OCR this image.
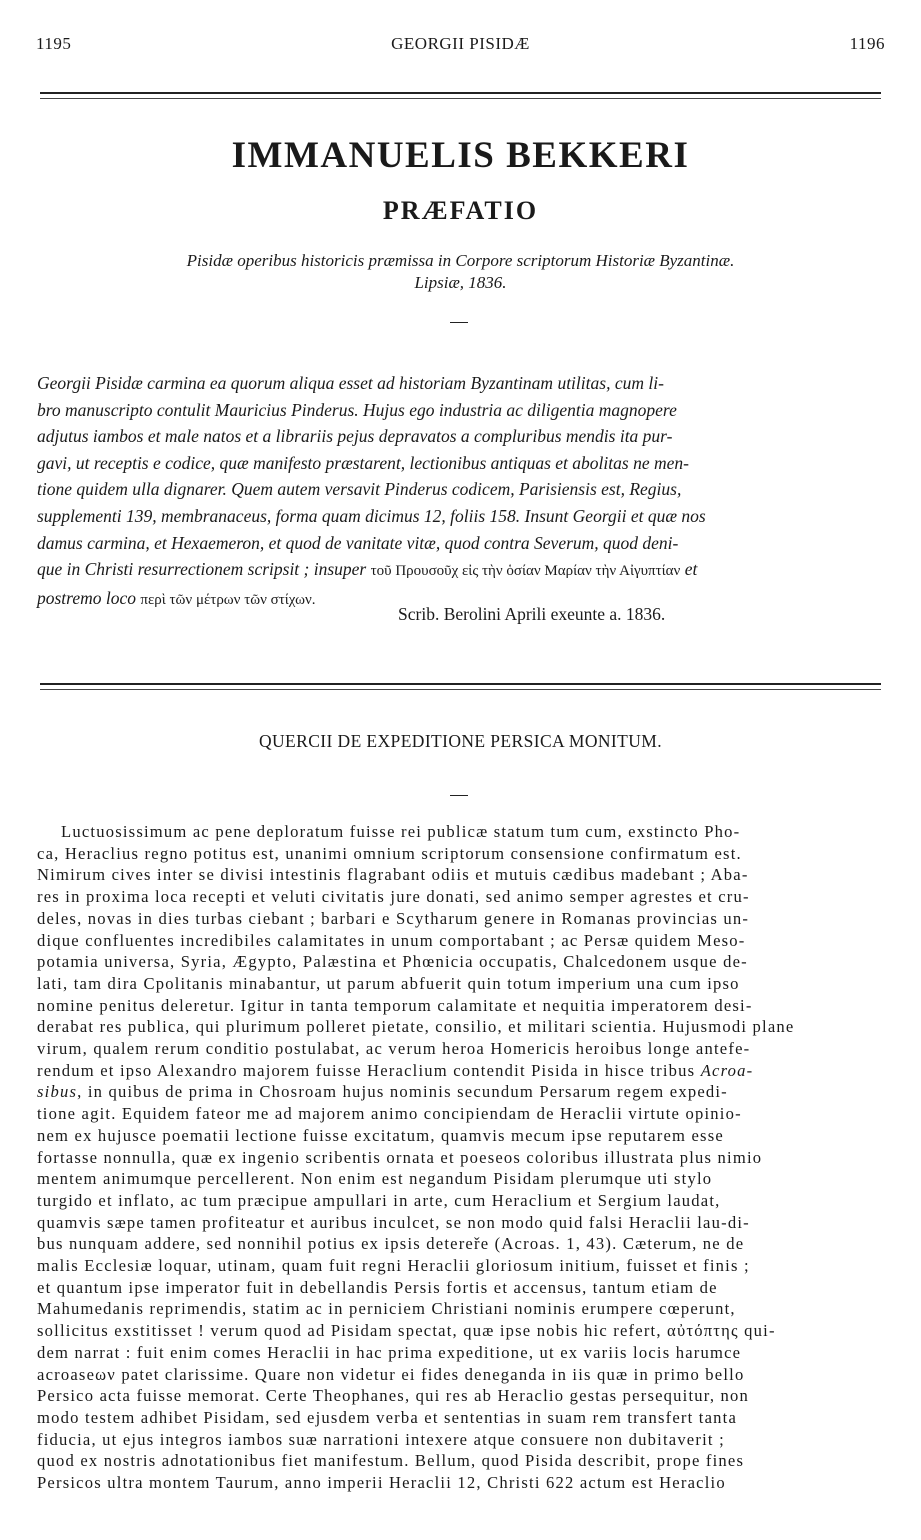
1195	GEORGII PISIDÆ	1196
IMMANUELIS BEKKERI
PRÆFATIO
Pisidæ operibus historicis præmissa in Corpore scriptorum Historiæ Byzantinæ.
Lipsiæ, 1836.
Georgii Pisidæ carmina ea quorum aliqua esset ad historiam Byzantinam utilitas, cum li-
bro manuscripto contulit Mauricius Pinderus. Hujus ego industria ac diligentia magnopere
adjutus iambos et male natos et a librariis pejus depravatos a compluribus mendis ita pur-
gavi, ut receptis e codice, quæ manifesto præstarent, lectionibus antiquas et abolitas ne men-
tione quidem ulla dignarer. Quem autem versavit Pinderus codicem, Parisiensis est, Regius,
supplementi 139, membranaceus, forma quam dicimus 12, foliis 158. Insunt Georgii et quæ nos
damus carmina, et Hexaemeron, et quod de vanitate vitæ, quod contra Severum, quod deni-
que in Christi resurrectionem scripsit ; insuper τοῦ Πρoυσoῦχ εἰς τὴν ὁσίαν Μαρίαν τὴν Αἰγυπτίαν et
postremo loco περὶ τῶν μέτρων τῶν στίχων.
Scrib. Berolini Aprili exeunte a. 1836.
QUERCII DE EXPEDITIONE PERSICA MONITUM.
Luctuosissimum ac pene deploratum fuisse rei publicæ statum tum cum, exstincto Pho-
ca, Heraclius regno potitus est, unanimi omnium scriptorum consensione confirmatum est.
Nimirum cives inter se divisi intestinis flagrabant odiis et mutuis cædibus madebant ; Aba-
res in proxima loca recepti et veluti civitatis jure donati, sed animo semper agrestes et cru-
deles, novas in dies turbas ciebant ; barbari e Scytharum genere in Romanas provincias un-
dique confluentes incredibiles calamitates in unum comportabant ; ac Persæ quidem Meso-
potamia universa, Syria, Ægypto, Palæstina et Phœnicia occupatis, Chalcedonem usque de-
lati, tam dira Cpolitanis minabantur, ut parum abfuerit quin totum imperium una cum ipso
nomine penitus deleretur. Igitur in tanta temporum calamitate et nequitia imperatorem desi-
derabat res publica, qui plurimum polleret pietate, consilio, et militari scientia. Hujusmodi plane
virum, qualem rerum conditio postulabat, ac verum heroa Homericis heroibus longe antefe-
rendum et ipso Alexandro majorem fuisse Heraclium contendit Pisida in hisce tribus Acroa-
sibus, in quibus de prima in Chosroam hujus nominis secundum Persarum regem expedi-
tione agit. Equidem fateor me ad majorem animo concipiendam de Heraclii virtute opinio-
nem ex hujusce poematii lectione fuisse excitatum, quamvis mecum ipse reputarem esse
fortasse nonnulla, quæ ex ingenio scribentis ornata et poeseos coloribus illustrata plus nimio
mentem animumque percellerent. Non enim est negandum Pisidam plerumque uti stylo
turgido et inflato, ac tum præcipue ampullari in arte, cum Heraclium et Sergium laudat,
quamvis sæpe tamen profiteatur et auribus inculcet, se non modo quid falsi Heraclii lau-di-
bus nunquam addere, sed nonnihil potius ex ipsis detereře (Acroas. 1, 43). Cæterum, ne de
malis Ecclesiæ loquar, utinam, quam fuit regni Heraclii gloriosum initium, fuisset et finis ;
et quantum ipse imperator fuit in debellandis Persis fortis et accensus, tantum etiam de
Mahumedanis reprimendis, statim ac in perniciem Christiani nominis erumpere cœperunt,
sollicitus exstitisset ! verum quod ad Pisidam spectat, quæ ipse nobis hic refert, αὐτόπτης qui-
dem narrat : fuit enim comes Heraclii in hac prima expeditione, ut ex variis locis harumce
acroaseων patet clarissime. Quare non videtur ei fides deneganda in iis quæ in primo bello
Persico acta fuisse memorat. Certe Theophanes, qui res ab Heraclio gestas persequitur, non
modo testem adhibet Pisidam, sed ejusdem verba et sententias in suam rem transfert tanta
fiducia, ut ejus integros iambos suæ narrationi intexere atque consuere non dubitaverit ;
quod ex nostris adnotationibus fiet manifestum. Bellum, quod Pisida describit, prope fines
Persicos ultra montem Taurum, anno imperii Heraclii 12, Christi 622 actum est Heraclio
